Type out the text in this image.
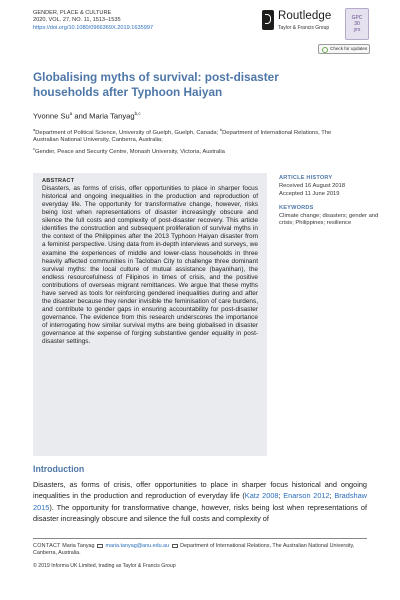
GENDER, PLACE & CULTURE
2020, VOL. 27, NO. 11, 1513–1535
https://doi.org/10.1080/0966369X.2019.1635997
Routledge
Taylor & Francis Group
GPC
30
yrs
Check for updates
Globalising myths of survival: post-disaster
households after Typhoon Haiyan
Yvonne Su$^a$ and Maria Tanyag$^{b,c}$
$^a$Department of Political Science, University of Guelph, Guelph, Canada; $^b$Department of International Relations, The Australian National University, Canberra, Australia;
$^c$Gender, Peace and Security Centre, Monash University, Victoria, Australia
ABSTRACT
Disasters, as forms of crisis, offer opportunities to place in sharper focus historical and ongoing inequalities in the production and reproduction of everyday life. The opportunity for transformative change, however, risks being lost when representations of disaster increasingly obscure and silence the full costs and complexity of post-disaster recovery. This article identifies the construction and subsequent proliferation of survival myths in the context of the Philippines after the 2013 Typhoon Haiyan disaster from a feminist perspective. Using data from in-depth interviews and surveys, we examine the experiences of middle and lower-class households in three heavily affected communities in Tacloban City to challenge three dominant survival myths: the local culture of mutual assistance (bayanihan), the endless resourcefulness of Filipinos in times of crisis, and the positive contributions of overseas migrant remittances. We argue that these myths have served as tools for reinforcing gendered inequalities during and after the disaster because they render invisible the feminisation of care burdens, and contribute to gender gaps in ensuring accountability for post-disaster governance. The evidence from this research underscores the importance of interrogating how similar survival myths are being globalised in disaster governance at the expense of forging substantive gender equality in post-disaster settings.
ARTICLE HISTORY
Received 16 August 2018
Accepted 11 June 2019
KEYWORDS
Climate change; disasters; gender and crisis; Philippines; resilience
Introduction
Disasters, as forms of crisis, offer opportunities to place in sharper focus historical and ongoing inequalities in the production and reproduction of everyday life (Katz 2008; Enarson 2012; Bradshaw 2015). The opportunity for transformative change, however, risks being lost when representations of disaster increasingly obscure and silence the full costs and complexity of
CONTACT Maria Tanyag  maria.tanyag@anu.edu.au  Department of International Relations, The Australian National University, Canberra, Australia.
© 2019 Informa UK Limited, trading as Taylor & Francis Group
